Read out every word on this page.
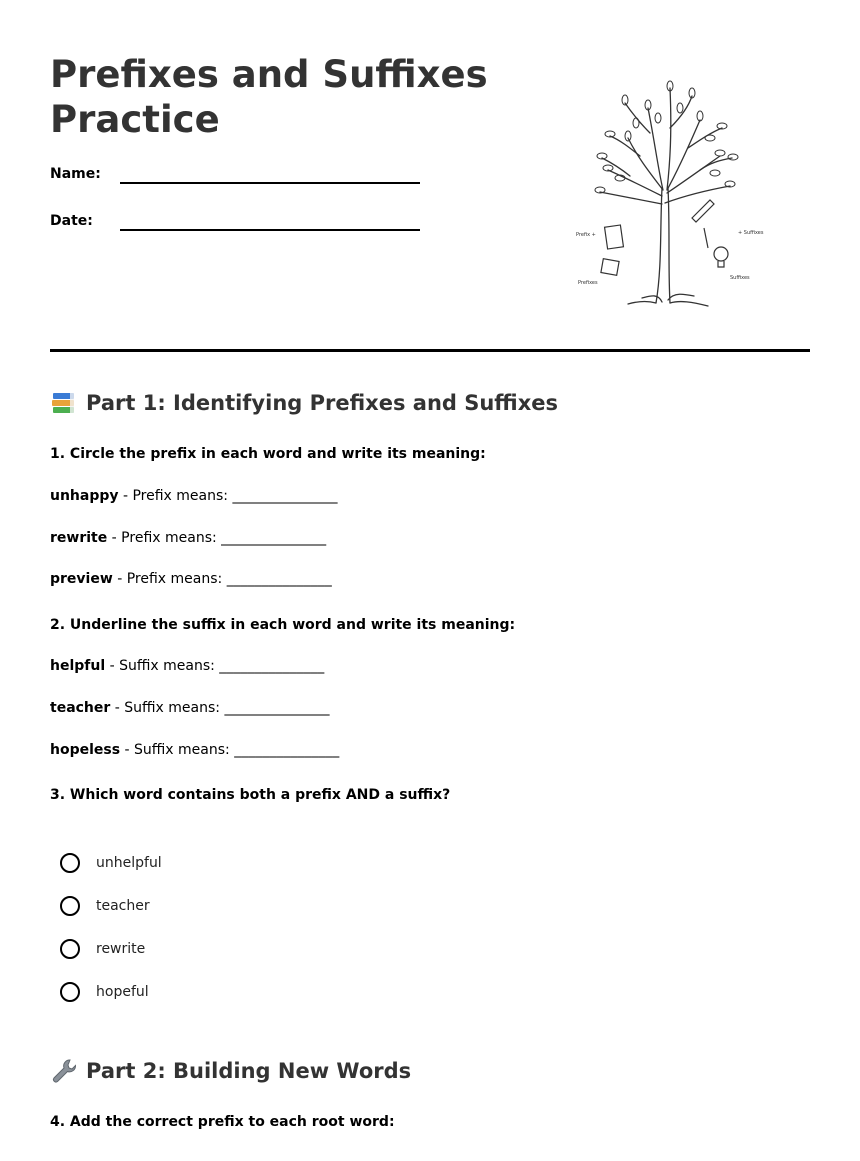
Prefixes and Suffixes Practice
Name:
Date:
Prefix +	+ Suffixes
Prefixes
Suffixes
Part 1: Identifying Prefixes and Suffixes

1. Circle the prefix in each word and write its meaning:

unhappy - Prefix means: _______________

rewrite - Prefix means: _______________

preview - Prefix means: _______________

2. Underline the suffix in each word and write its meaning:

helpful - Suffix means: _______________

teacher - Suffix means: _______________

hopeless - Suffix means: _______________

3. Which word contains both a prefix AND a suffix?

unhelpful
teacher
rewrite
hopeful
Part 2: Building New Words

4. Add the correct prefix to each root word:
